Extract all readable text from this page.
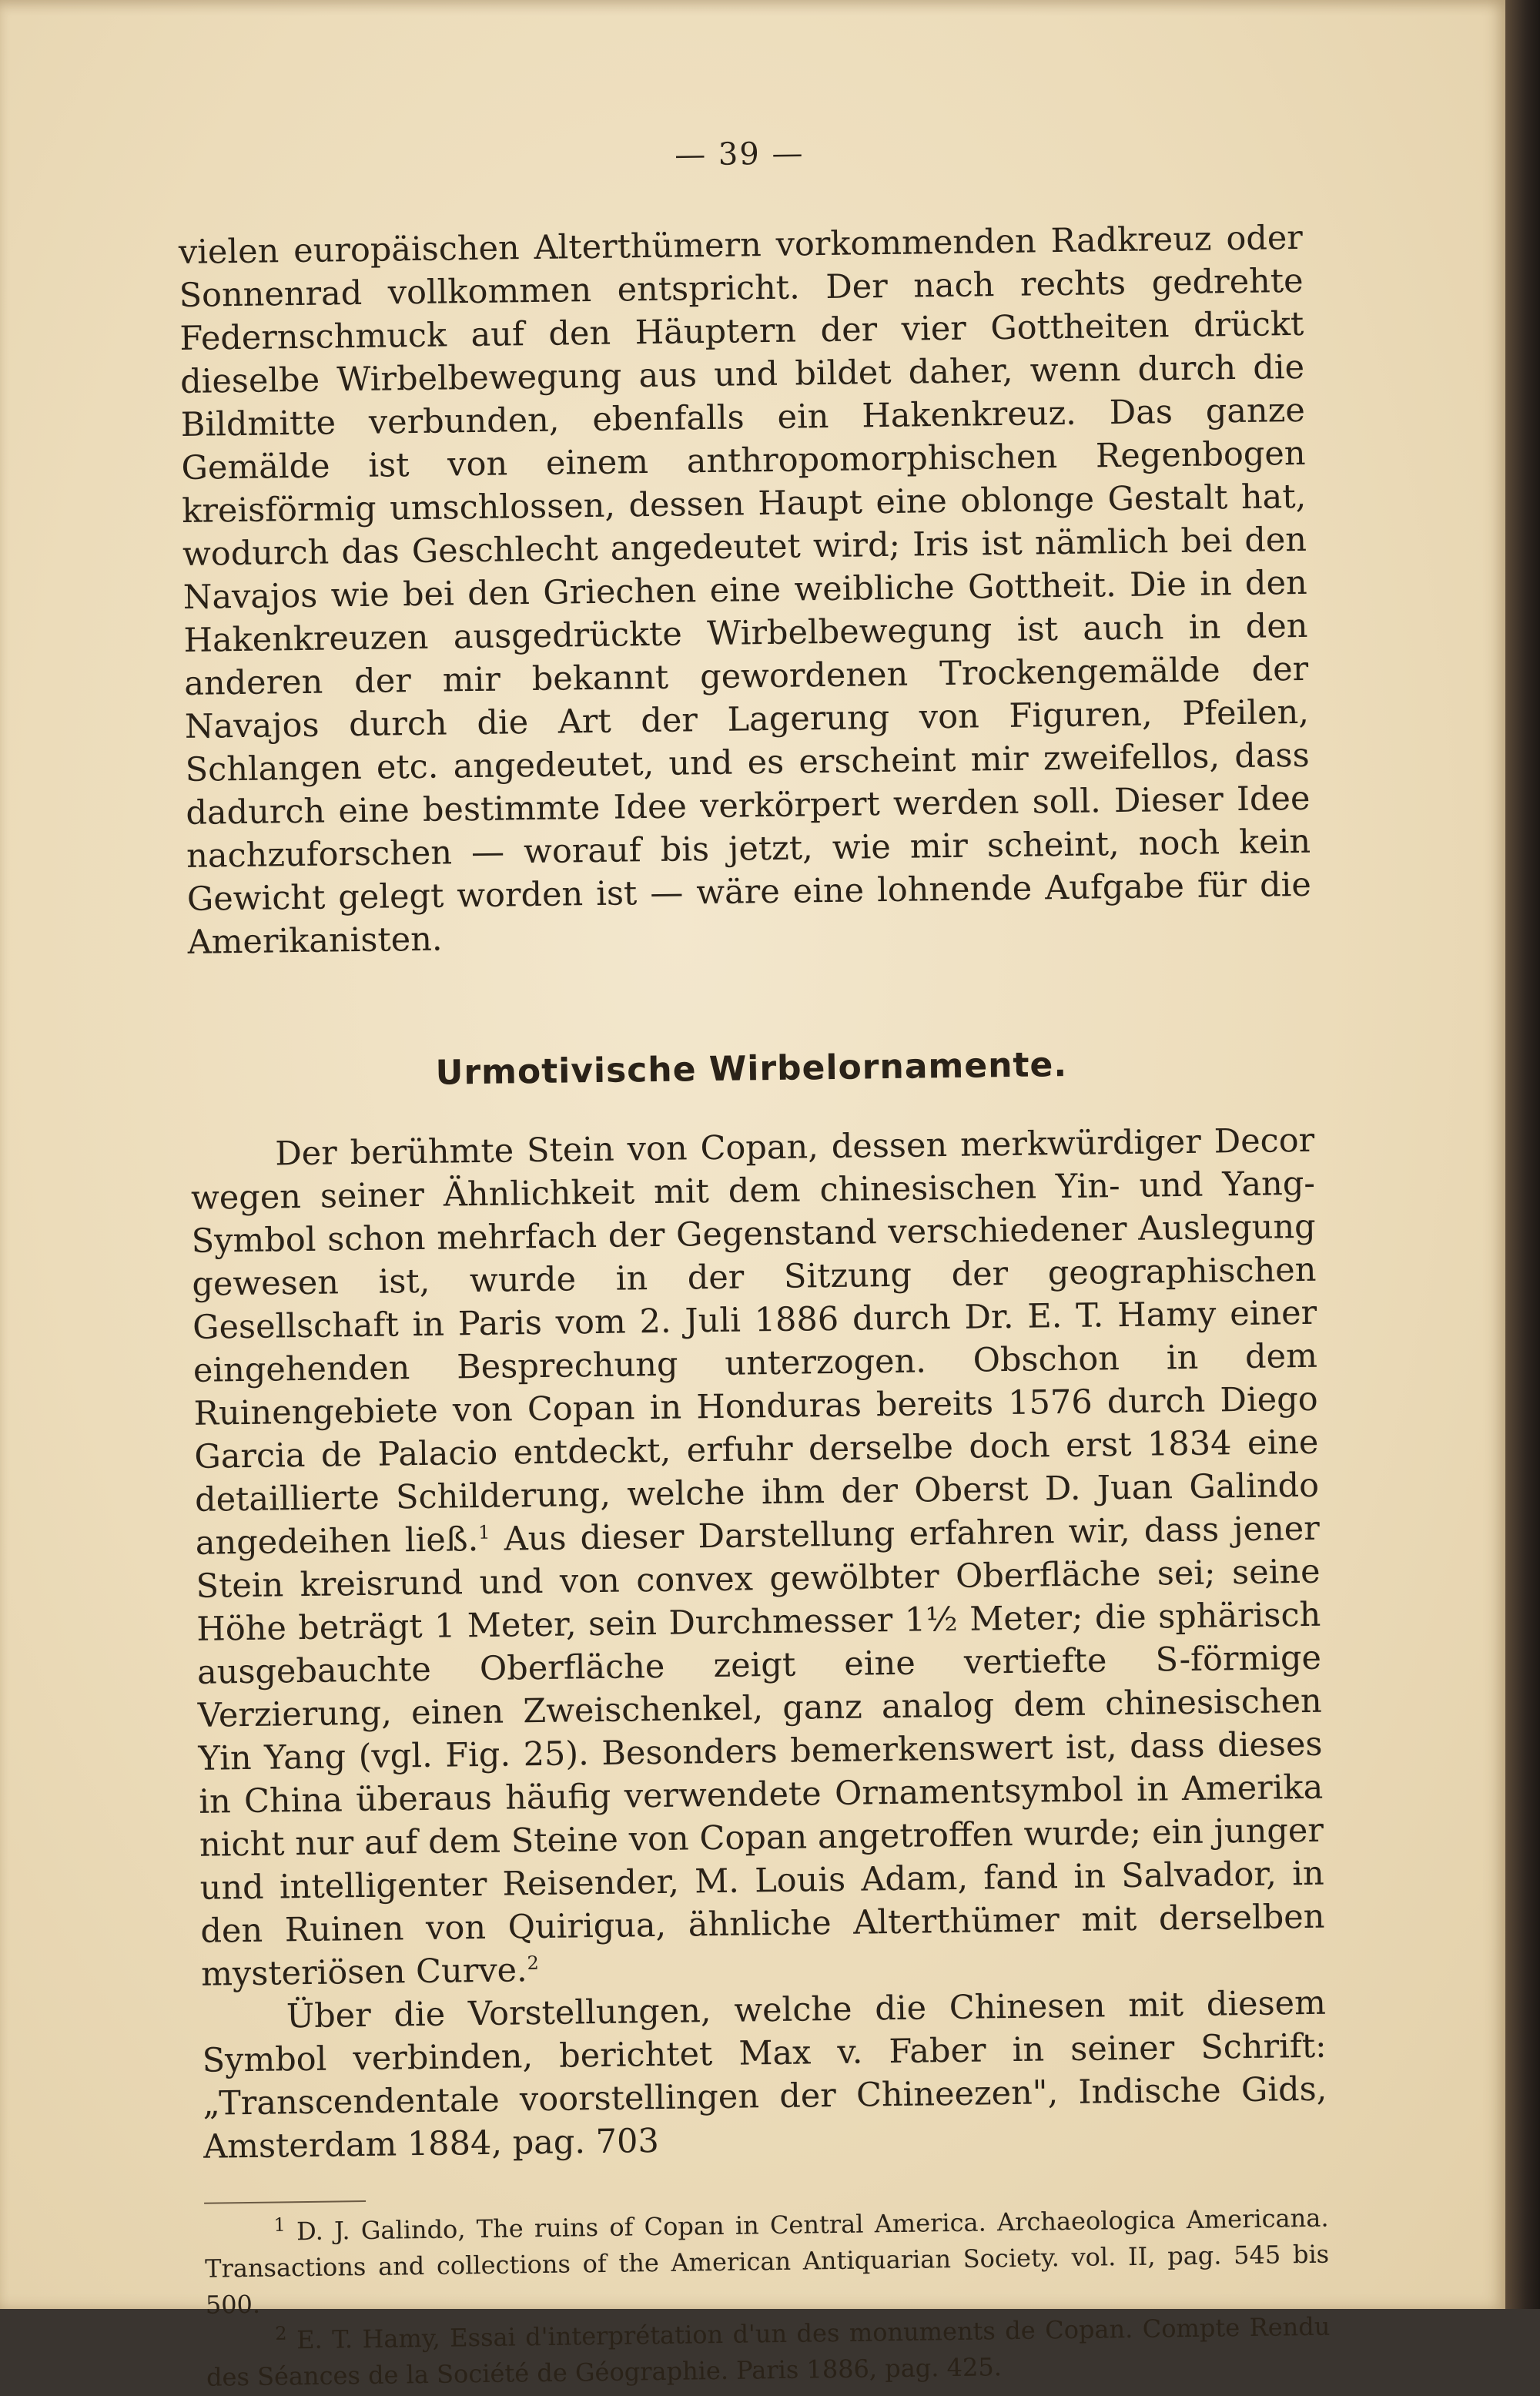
— 39 —

vielen europäischen Alterthümern vorkommenden Radkreuz oder Sonnenrad vollkommen entspricht. Der nach rechts gedrehte Federnschmuck auf den Häuptern der vier Gottheiten drückt dieselbe Wirbelbewegung aus und bildet daher, wenn durch die Bildmitte verbunden, ebenfalls ein Hakenkreuz. Das ganze Gemälde ist von einem anthropomorphischen Regenbogen kreisförmig umschlossen, dessen Haupt eine oblonge Gestalt hat, wodurch das Geschlecht angedeutet wird; Iris ist nämlich bei den Navajos wie bei den Griechen eine weibliche Gottheit. Die in den Hakenkreuzen ausgedrückte Wirbelbewegung ist auch in den anderen der mir bekannt gewordenen Trockengemälde der Navajos durch die Art der Lagerung von Figuren, Pfeilen, Schlangen etc. angedeutet, und es erscheint mir zweifellos, dass dadurch eine bestimmte Idee verkörpert werden soll. Dieser Idee nachzuforschen — worauf bis jetzt, wie mir scheint, noch kein Gewicht gelegt worden ist — wäre eine lohnende Aufgabe für die Amerikanisten.

Urmotivische Wirbelornamente.

Der berühmte Stein von Copan, dessen merkwürdiger Decor wegen seiner Ähnlichkeit mit dem chinesischen Yin- und Yang-Symbol schon mehrfach der Gegenstand verschiedener Auslegung gewesen ist, wurde in der Sitzung der geographischen Gesellschaft in Paris vom 2. Juli 1886 durch Dr. E. T. Hamy einer eingehenden Besprechung unterzogen. Obschon in dem Ruinengebiete von Copan in Honduras bereits 1576 durch Diego Garcia de Palacio entdeckt, erfuhr derselbe doch erst 1834 eine detaillierte Schilderung, welche ihm der Oberst D. Juan Galindo angedeihen ließ.$^1$ Aus dieser Darstellung erfahren wir, dass jener Stein kreisrund und von convex gewölbter Oberfläche sei; seine Höhe beträgt 1 Meter, sein Durchmesser 1½ Meter; die sphärisch ausgebauchte Oberfläche zeigt eine vertiefte S-förmige Verzierung, einen Zweischenkel, ganz analog dem chinesischen Yin Yang (vgl. Fig. 25). Besonders bemerkenswert ist, dass dieses in China überaus häufig verwendete Ornamentsymbol in Amerika nicht nur auf dem Steine von Copan angetroffen wurde; ein junger und intelligenter Reisender, M. Louis Adam, fand in Salvador, in den Ruinen von Quirigua, ähnliche Alterthümer mit derselben mysteriösen Curve.$^2$

Über die Vorstellungen, welche die Chinesen mit diesem Symbol verbinden, berichtet Max v. Faber in seiner Schrift: „Transcendentale voorstellingen der Chineezen", Indische Gids, Amsterdam 1884, pag. 703

$^1$ D. J. Galindo, The ruins of Copan in Central America. Archaeologica Americana. Transactions and collections of the American Antiquarian Society. vol. II, pag. 545 bis 500.

$^2$ E. T. Hamy, Essai d'interprétation d'un des monuments de Copan. Compte Rendu des Séances de la Société de Géographie. Paris 1886, pag. 425.
